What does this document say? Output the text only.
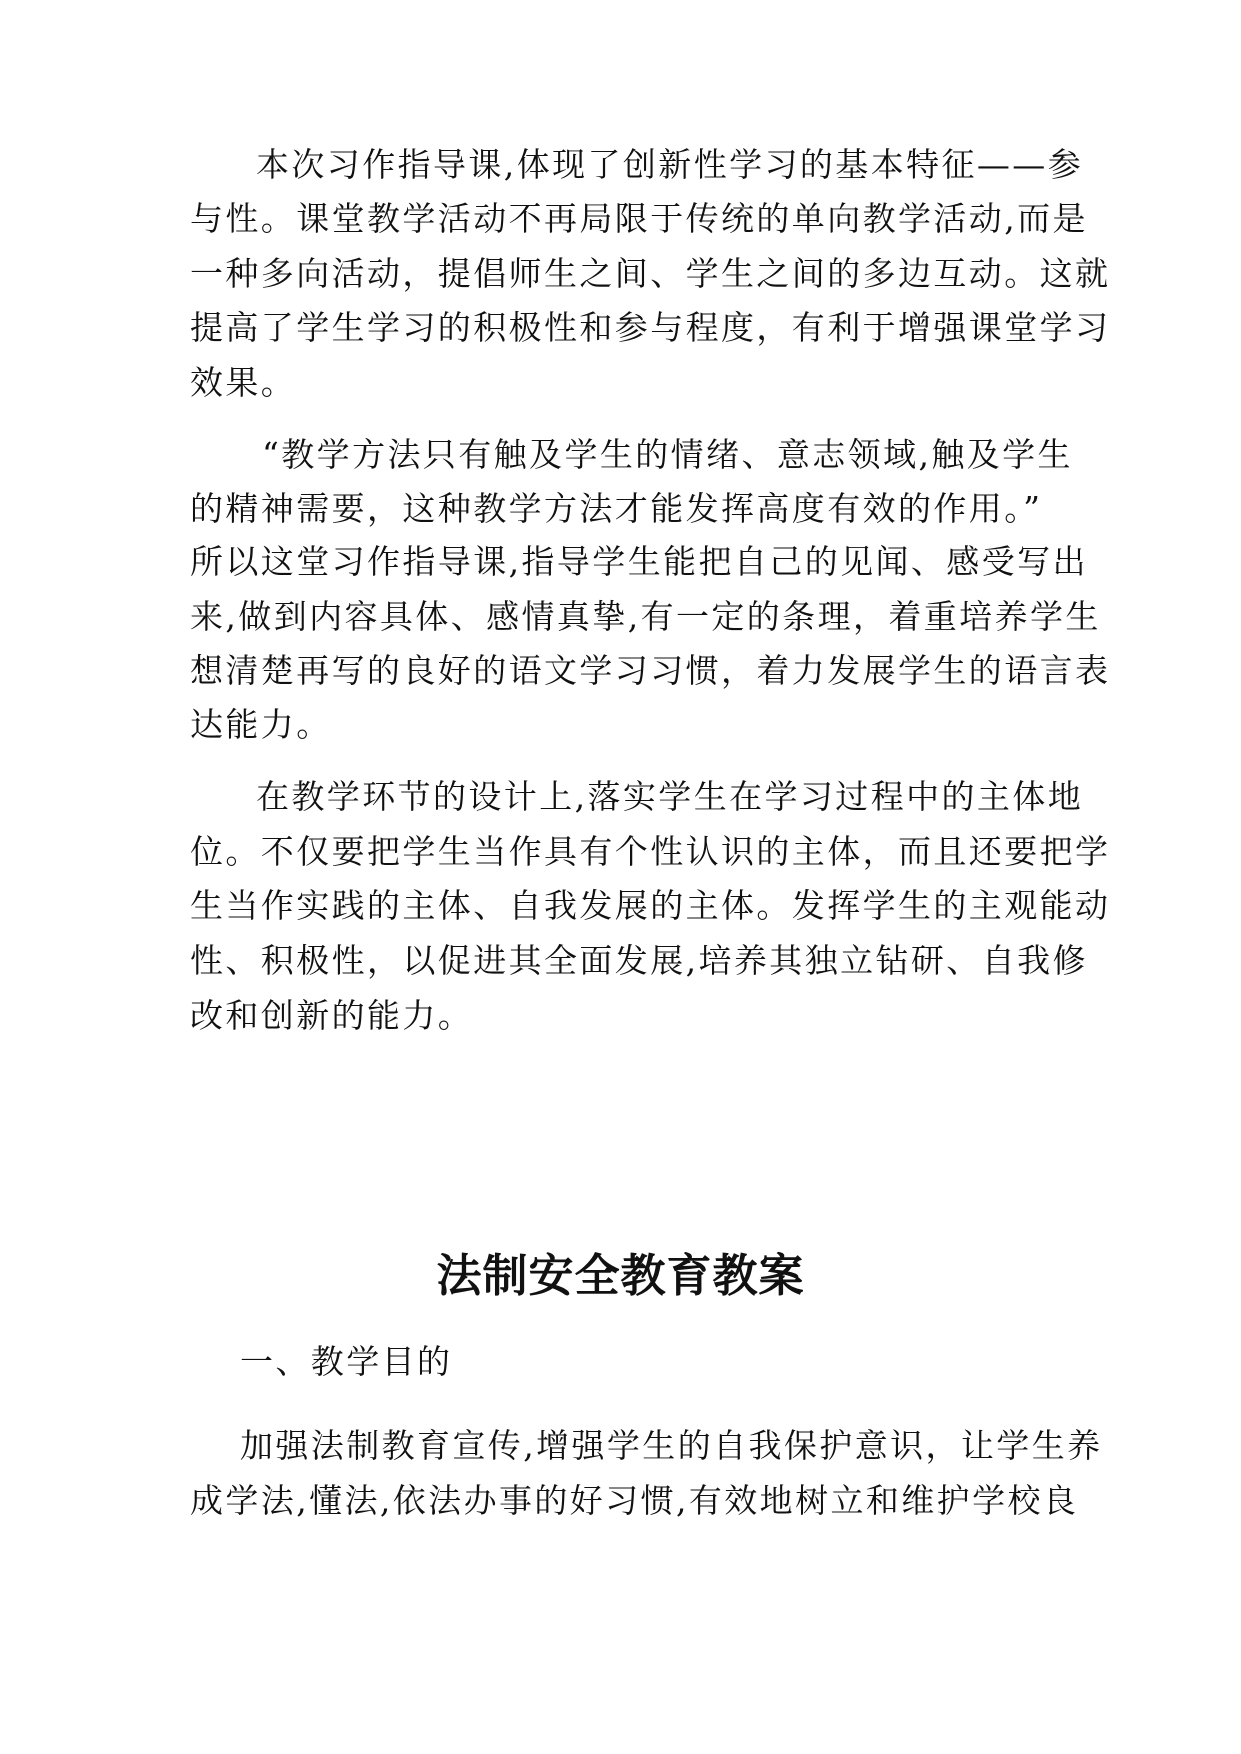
本次习作指导课,体现了创新性学习的基本特征——参
与性。课堂教学活动不再局限于传统的单向教学活动,而是
一种多向活动，提倡师生之间、学生之间的多边互动。这就
提高了学生学习的积极性和参与程度，有利于增强课堂学习
效果。
“教学方法只有触及学生的情绪、意志领域,触及学生
的精神需要，这种教学方法才能发挥高度有效的作用。”
所以这堂习作指导课,指导学生能把自己的见闻、感受写出
来,做到内容具体、感情真挚,有一定的条理，着重培养学生
想清楚再写的良好的语文学习习惯，着力发展学生的语言表
达能力。
在教学环节的设计上,落实学生在学习过程中的主体地
位。不仅要把学生当作具有个性认识的主体，而且还要把学
生当作实践的主体、自我发展的主体。发挥学生的主观能动
性、积极性，以促进其全面发展,培养其独立钻研、自我修
改和创新的能力。
法制安全教育教案
一、教学目的
加强法制教育宣传,增强学生的自我保护意识，让学生养
成学法,懂法,依法办事的好习惯,有效地树立和维护学校良
